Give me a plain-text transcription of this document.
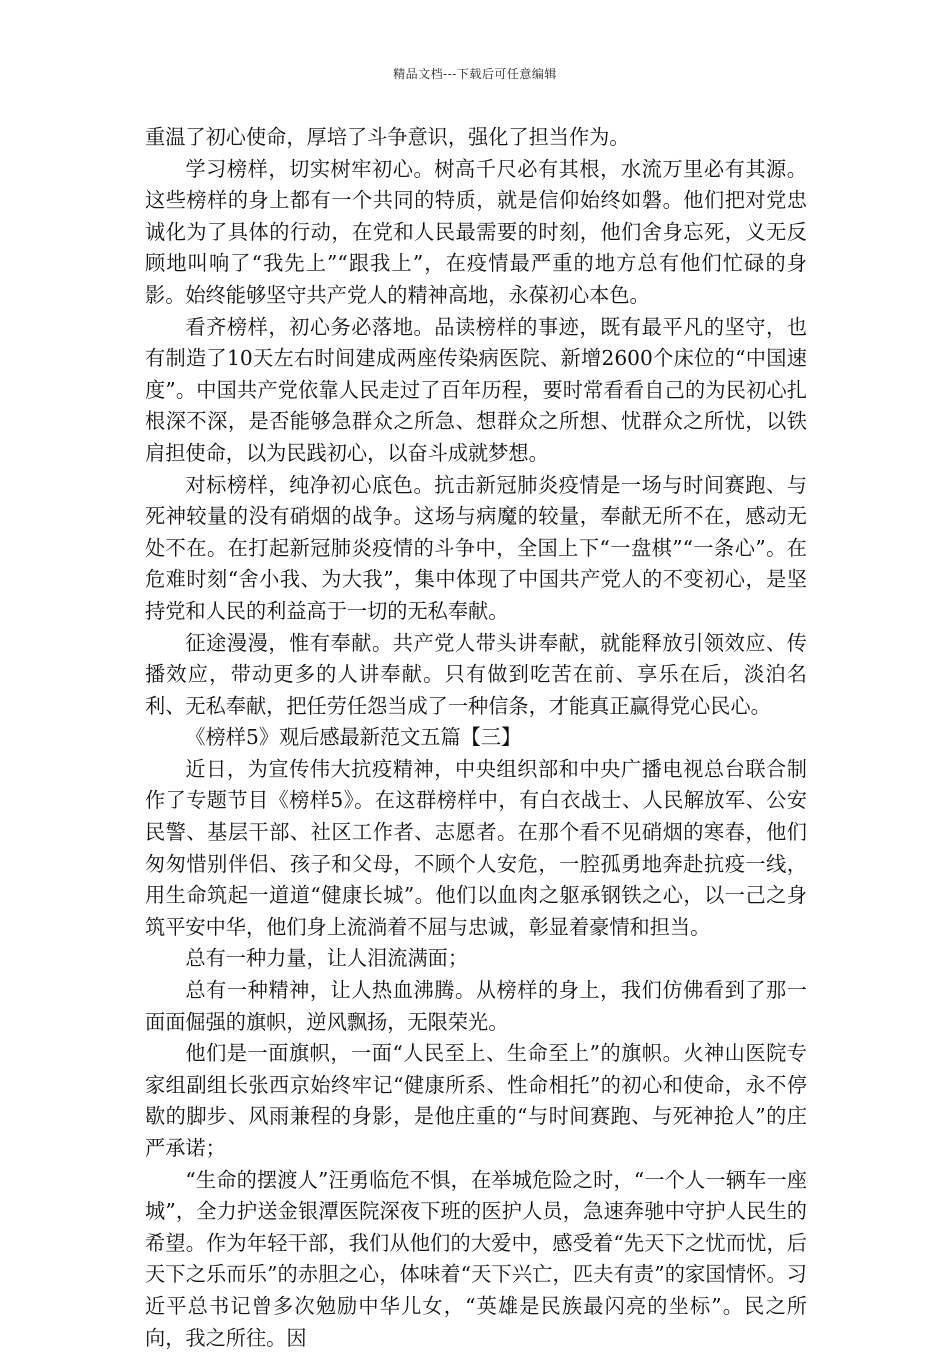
精品文档---下载后可任意编辑

重温了初心使命，厚培了斗争意识，强化了担当作为。

学习榜样，切实树牢初心。树高千尺必有其根，水流万里必有其源。这些榜样的身上都有一个共同的特质，就是信仰始终如磐。他们把对党忠诚化为了具体的行动，在党和人民最需要的时刻，他们舍身忘死，义无反顾地叫响了“我先上”“跟我上”，在疫情最严重的地方总有他们忙碌的身影。始终能够坚守共产党人的精神高地，永葆初心本色。

看齐榜样，初心务必落地。品读榜样的事迹，既有最平凡的坚守，也有制造了10天左右时间建成两座传染病医院、新增2600个床位的“中国速度”。中国共产党依靠人民走过了百年历程，要时常看看自己的为民初心扎根深不深，是否能够急群众之所急、想群众之所想、忧群众之所忧，以铁肩担使命，以为民践初心，以奋斗成就梦想。

对标榜样，纯净初心底色。抗击新冠肺炎疫情是一场与时间赛跑、与死神较量的没有硝烟的战争。这场与病魔的较量，奉献无所不在，感动无处不在。在打起新冠肺炎疫情的斗争中，全国上下“一盘棋”“一条心”。在危难时刻“舍小我、为大我”，集中体现了中国共产党人的不变初心，是坚持党和人民的利益高于一切的无私奉献。

征途漫漫，惟有奉献。共产党人带头讲奉献，就能释放引领效应、传播效应，带动更多的人讲奉献。只有做到吃苦在前、享乐在后，淡泊名利、无私奉献，把任劳任怨当成了一种信条，才能真正赢得党心民心。

《榜样5》观后感最新范文五篇【三】

近日，为宣传伟大抗疫精神，中央组织部和中央广播电视总台联合制作了专题节目《榜样5》。在这群榜样中，有白衣战士、人民解放军、公安民警、基层干部、社区工作者、志愿者。在那个看不见硝烟的寒春，他们匆匆惜别伴侣、孩子和父母，不顾个人安危，一腔孤勇地奔赴抗疫一线，用生命筑起一道道“健康长城”。他们以血肉之躯承钢铁之心，以一己之身筑平安中华，他们身上流淌着不屈与忠诚，彰显着豪情和担当。

总有一种力量，让人泪流满面；

总有一种精神，让人热血沸腾。从榜样的身上，我们仿佛看到了那一面面倔强的旗帜，逆风飘扬，无限荣光。

他们是一面旗帜，一面“人民至上、生命至上”的旗帜。火神山医院专家组副组长张西京始终牢记“健康所系、性命相托”的初心和使命，永不停歇的脚步、风雨兼程的身影，是他庄重的“与时间赛跑、与死神抢人”的庄严承诺；

“生命的摆渡人”汪勇临危不惧，在举城危险之时，“一个人一辆车一座城”，全力护送金银潭医院深夜下班的医护人员，急速奔驰中守护人民生的希望。作为年轻干部，我们从他们的大爱中，感受着“先天下之忧而忧，后天下之乐而乐”的赤胆之心，体味着“天下兴亡，匹夫有责”的家国情怀。习近平总书记曾多次勉励中华儿女，“英雄是民族最闪亮的坐标”。民之所向，我之所往。因
